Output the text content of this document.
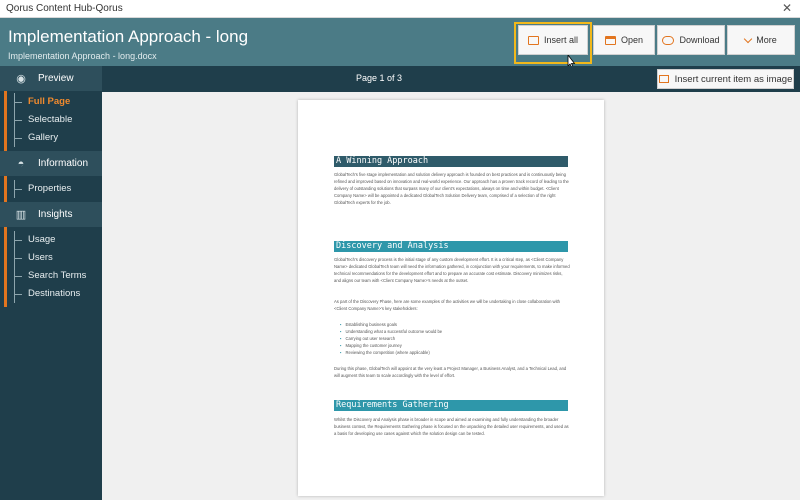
Qorus Content Hub-Qorus	✕
Implementation Approach - long
Implementation Approach - long.docx
Insert all	Open	Download	More
◉ Preview
Full Page
Selectable
Gallery
◓	Information
Properties
▥ Insights
Usage
Users
Search Terms
Destinations
Page 1 of 3	Insert current item as image
A Winning Approach
GlobalTech's five stage implementation and solution delivery approach is founded on best practices and is continuously being refined and improved based on innovation and real-world experience. Our approach has a proven track record of leading to the delivery of outstanding solutions that surpass many of our client's expectations, always on time and within budget. <Client Company Name> will be appointed a dedicated GlobalTech Solution Delivery team, comprised of a selection of the right GlobalTech experts for the job.
Discovery and Analysis
GlobalTech's discovery process is the initial stage of any custom development effort. It is a critical step, as <Client Company Name> dedicated GlobalTech team will need the information gathered, in conjunction with your requirements, to make informed technical recommendations for the development effort and to prepare an accurate cost estimate. Discovery minimizes risks, and aligns our team with <Client Company Name>'s needs at the outset.
As part of the Discovery Phase, here are some examples of the activities we will be undertaking in close collaboration with <Client Company Name>'s key stakeholders:
▪ Establishing business goals
▪ Understanding what a successful outcome would be
▪ Carrying out user research
▪ Mapping the customer journey
▪ Reviewing the competition (where applicable)
During this phase, GlobalTech will appoint at the very least a Project Manager, a Business Analyst, and a Technical Lead, and will augment this team to scale accordingly with the level of effort.
Requirements Gathering
Whilst the Discovery and Analysis phase is broader in scope and aimed at examining and fully understanding the broader business context, the Requirements Gathering phase is focused on the unpacking the detailed user requirements, and used as a basis for developing use cases against which the solution design can be tested.
